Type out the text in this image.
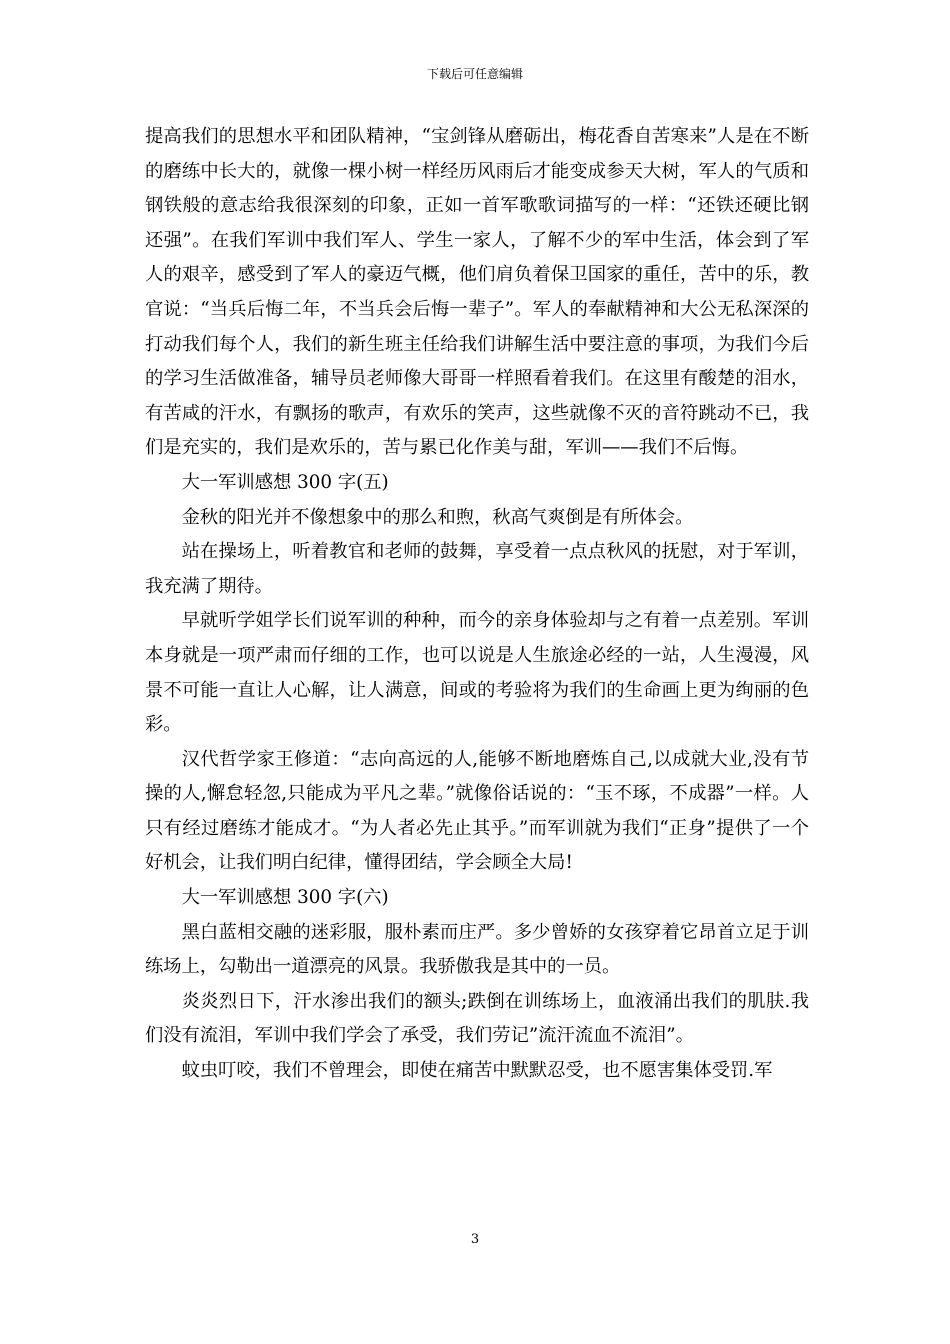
下载后可任意编辑

提高我们的思想水平和团队精神，“宝剑锋从磨砺出，梅花香自苦寒来”人是在不断的磨练中长大的，就像一棵小树一样经历风雨后才能变成参天大树，军人的气质和钢铁般的意志给我很深刻的印象，正如一首军歌歌词描写的一样：“还铁还硬比钢还强”。在我们军训中我们军人、学生一家人，了解不少的军中生活，体会到了军人的艰辛，感受到了军人的豪迈气概，他们肩负着保卫国家的重任，苦中的乐，教官说：“当兵后悔二年，不当兵会后悔一辈子”。军人的奉献精神和大公无私深深的打动我们每个人，我们的新生班主任给我们讲解生活中要注意的事项，为我们今后的学习生活做准备，辅导员老师像大哥哥一样照看着我们。在这里有酸楚的泪水，有苦咸的汗水，有飘扬的歌声，有欢乐的笑声，这些就像不灭的音符跳动不已，我们是充实的，我们是欢乐的，苦与累已化作美与甜，军训——我们不后悔。

大一军训感想 300 字(五)

金秋的阳光并不像想象中的那么和煦，秋高气爽倒是有所体会。

站在操场上，听着教官和老师的鼓舞，享受着一点点秋风的抚慰，对于军训，我充满了期待。

早就听学姐学长们说军训的种种，而今的亲身体验却与之有着一点差别。军训本身就是一项严肃而仔细的工作，也可以说是人生旅途必经的一站，人生漫漫，风景不可能一直让人心解，让人满意，间或的考验将为我们的生命画上更为绚丽的色彩。

汉代哲学家王修道：“志向高远的人,能够不断地磨炼自己,以成就大业,没有节操的人,懈怠轻忽,只能成为平凡之辈。”就像俗话说的：“玉不琢，不成器”一样。人只有经过磨练才能成才。“为人者必先止其乎。”而军训就为我们“正身”提供了一个好机会，让我们明白纪律，懂得团结，学会顾全大局!

大一军训感想 300 字(六)

黑白蓝相交融的迷彩服，服朴素而庄严。多少曾娇的女孩穿着它昂首立足于训练场上，勾勒出一道漂亮的风景。我骄傲我是其中的一员。

炎炎烈日下，汗水渗出我们的额头;跌倒在训练场上，血液涌出我们的肌肤.我们没有流泪，军训中我们学会了承受，我们劳记”流汗流血不流泪”。

蚊虫叮咬，我们不曾理会，即使在痛苦中默默忍受，也不愿害集体受罚.军

3
